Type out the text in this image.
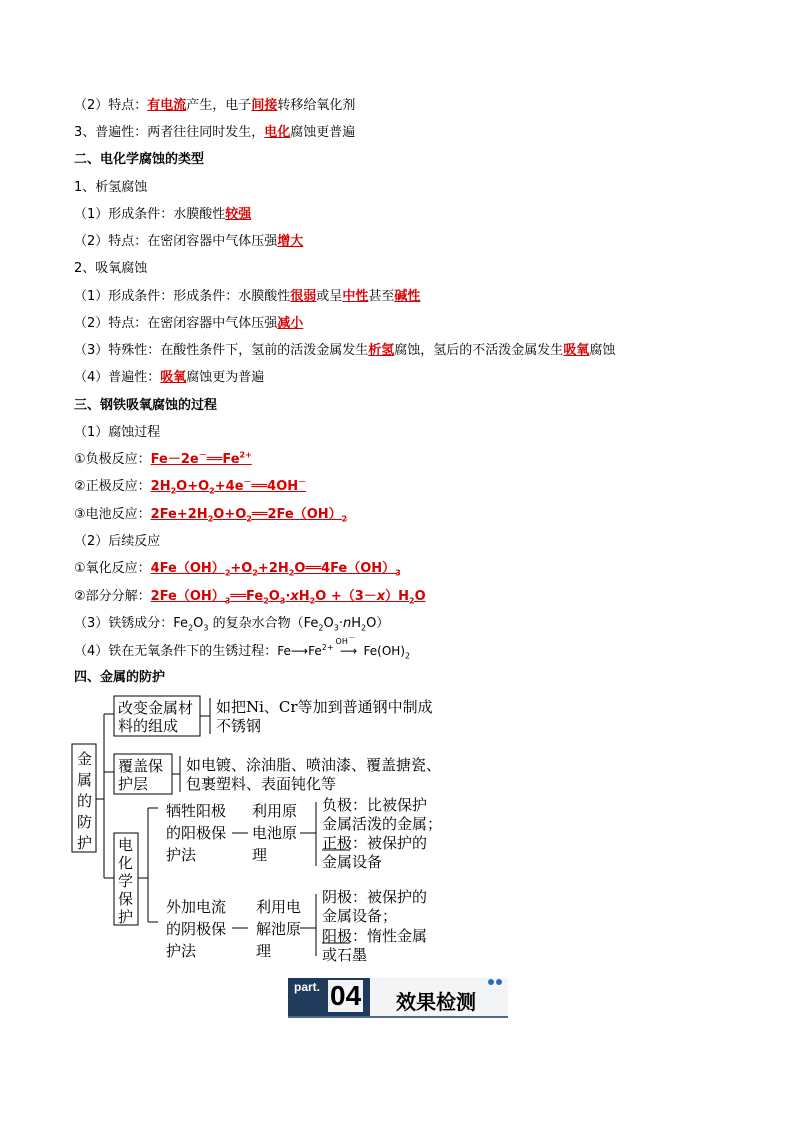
（2）特点：有电流产生，电子间接转移给氧化剂
3、普遍性：两者往往同时发生，电化腐蚀更普遍
二、电化学腐蚀的类型
1、析氢腐蚀
（1）形成条件：水膜酸性较强
（2）特点：在密闭容器中气体压强增大
2、吸氧腐蚀
（1）形成条件：形成条件：水膜酸性很弱或呈中性甚至碱性
（2）特点：在密闭容器中气体压强减小
（3）特殊性：在酸性条件下，氢前的活泼金属发生析氢腐蚀，氢后的不活泼金属发生吸氧腐蚀
（4）普遍性：吸氧腐蚀更为普遍
三、钢铁吸氧腐蚀的过程
（1）腐蚀过程
①负极反应：$Fe-2e^-══Fe^{2+}$
②正极反应：$2H_2O+O_2+4e^-══4OH^-$
③电池反应：$2Fe+2H_2O+O_2══2Fe(OH)_2$
（2）后续反应
①氧化反应：$4Fe(OH)_2+O_2+2H_2O══4Fe(OH)_3$
②部分分解：$2Fe(OH)_3══Fe_2O_3\cdot xH_2O +(3-x)H_2O$
（3）铁锈成分：$Fe_2O_3$ 的复杂水合物$(Fe_2O_3\cdot nH_2O)$
（4）铁在无氧条件下的生锈过程：$Fe⟶Fe^{2+}$
OH－
⟶ $Fe(OH)_2$
四、金属的防护
金
属
的
防
护
改变金属材
料的组成
如把Ni、Cr等加到普通钢中制成
不锈钢
覆盖保
护层
如电镀、涂油脂、喷油漆、覆盖搪瓷、
包裹塑料、表面钝化等
电
化
学
保
护
牺牲阳极
的阳极保
护法
利用原
电池原
理
负极：比被保护
金属活泼的金属；
正极：被保护的
金属设备
外加电流
的阴极保
护法
利用电
解池原
理
阴极：被保护的
金属设备；
阳极：惰性金属
或石墨
part. 04 效果检测
